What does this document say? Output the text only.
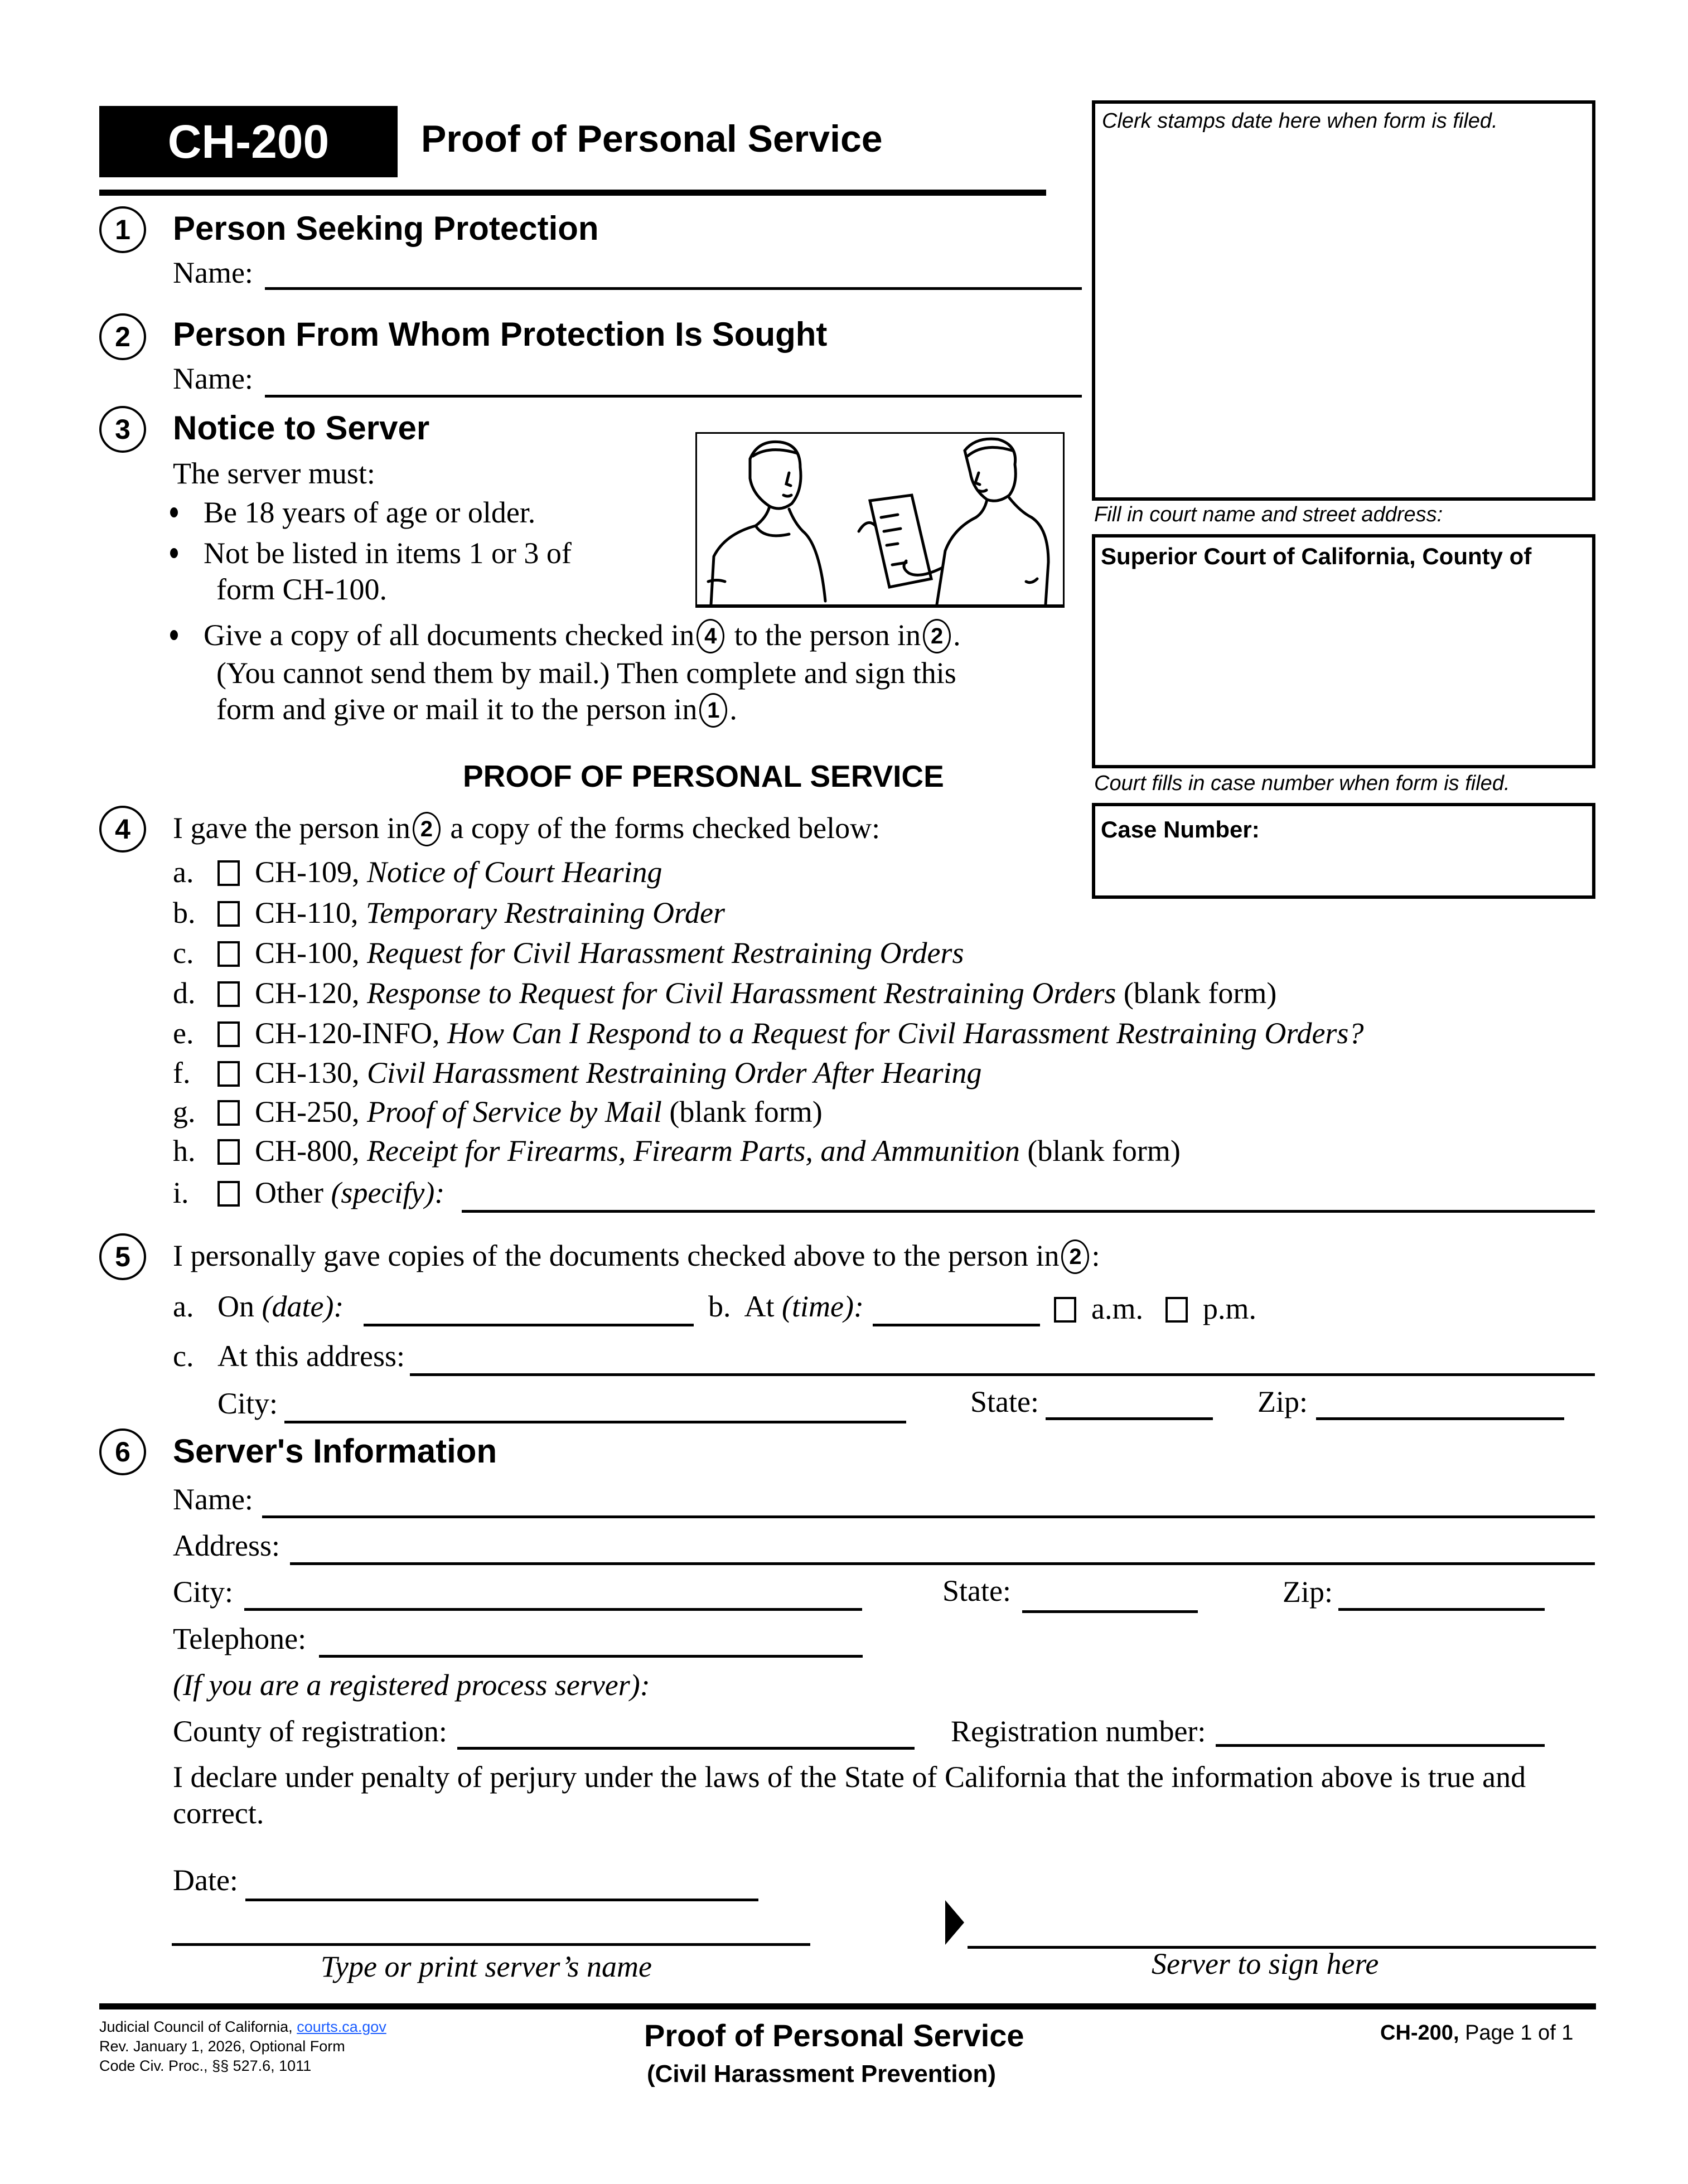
CH-200 Proof of Personal Service	Clerk stamps date here when form is filed.
Fill in court name and street address:
Superior Court of California, County of
Court fills in case number when form is filed.
Case Number:
1	Person Seeking Protection
Name:
2	Person From Whom Protection Is Sought
Name:
3	Notice to Server
The server must:
Be 18 years of age or older.
Not be listed in items 1 or 3 of
form CH-100.
Give a copy of all documents checked in 4 to the person in 2 .
(You cannot send them by mail.) Then complete and sign this
form and give or mail it to the person in 1 .
PROOF OF PERSONAL SERVICE
4	I gave the person in 2 a copy of the forms checked below:
a. CH-109, Notice of Court Hearing
b. CH-110, Temporary Restraining Order
c. CH-100, Request for Civil Harassment Restraining Orders
d. CH-120, Response to Request for Civil Harassment Restraining Orders (blank form)
e. CH-120-INFO, How Can I Respond to a Request for Civil Harassment Restraining Orders?
f. CH-130, Civil Harassment Restraining Order After Hearing
g. CH-250, Proof of Service by Mail (blank form)
h. CH-800, Receipt for Firearms, Firearm Parts, and Ammunition (blank form)
i. Other (specify):
5	I personally gave copies of the documents checked above to the person in 2 :
a. On (date):	b. At (time):	a.m.	p.m.
c. At this address:
City:	State:	Zip:
6	Server's Information
Name:
Address:
City:	State:	Zip:
Telephone:
(If you are a registered process server):
County of registration:	Registration number:
I declare under penalty of perjury under the laws of the State of California that the information above is true and
correct.
Date:
Type or print server’s name	Server to sign here
Judicial Council of California, courts.ca.gov
Rev. January 1, 2026, Optional Form
Code Civ. Proc., §§ 527.6, 1011
Proof of Personal Service
(Civil Harassment Prevention)
CH-200, Page 1 of 1
